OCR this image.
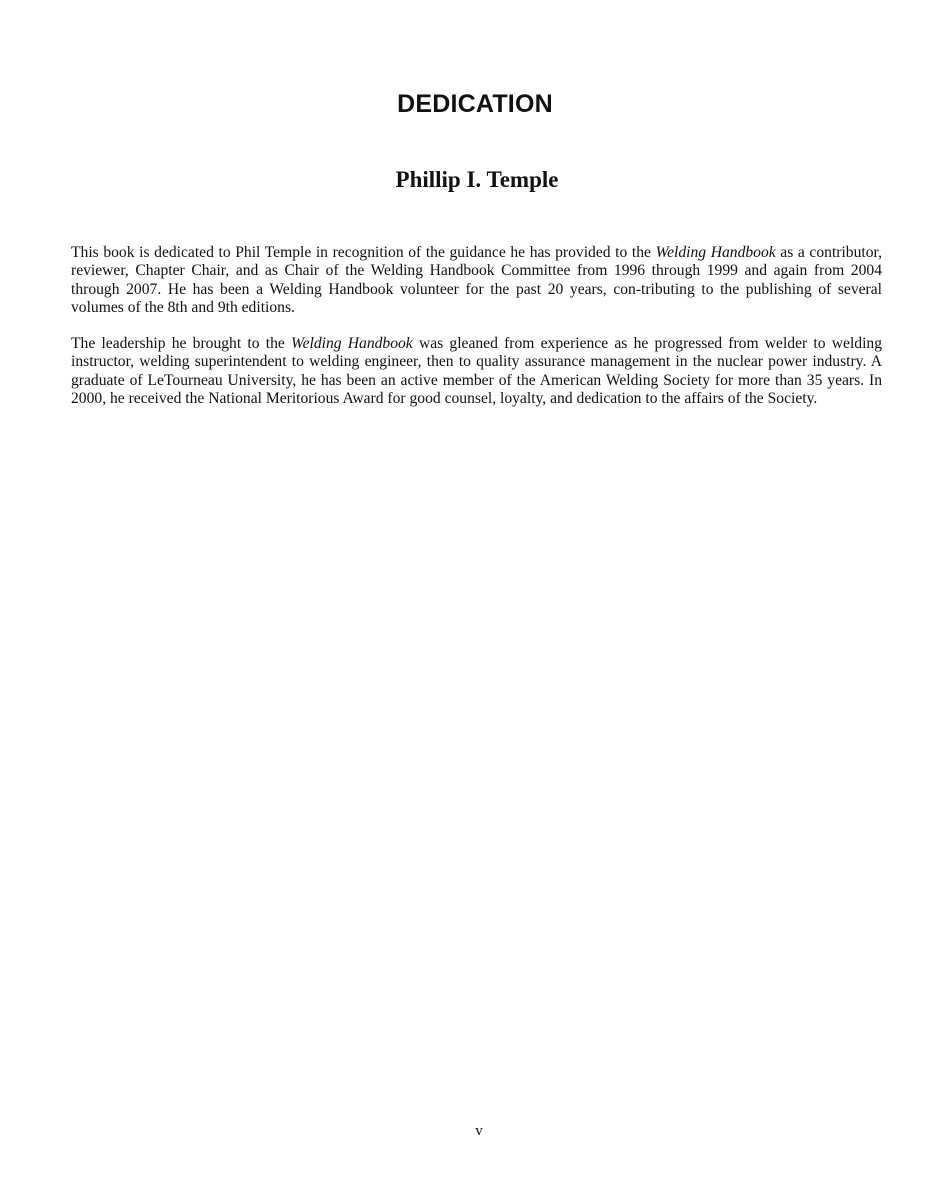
DEDICATION
Phillip I. Temple

This book is dedicated to Phil Temple in recognition of the guidance he has provided to the Welding Handbook as a contributor, reviewer, Chapter Chair, and as Chair of the Welding Handbook Committee from 1996 through 1999 and again from 2004 through 2007. He has been a Welding Handbook volunteer for the past 20 years, con-tributing to the publishing of several volumes of the 8th and 9th editions.

The leadership he brought to the Welding Handbook was gleaned from experience as he progressed from welder to welding instructor, welding superintendent to welding engineer, then to quality assurance management in the nuclear power industry. A graduate of LeTourneau University, he has been an active member of the American Welding Society for more than 35 years. In 2000, he received the National Meritorious Award for good counsel, loyalty, and dedication to the affairs of the Society.

v
